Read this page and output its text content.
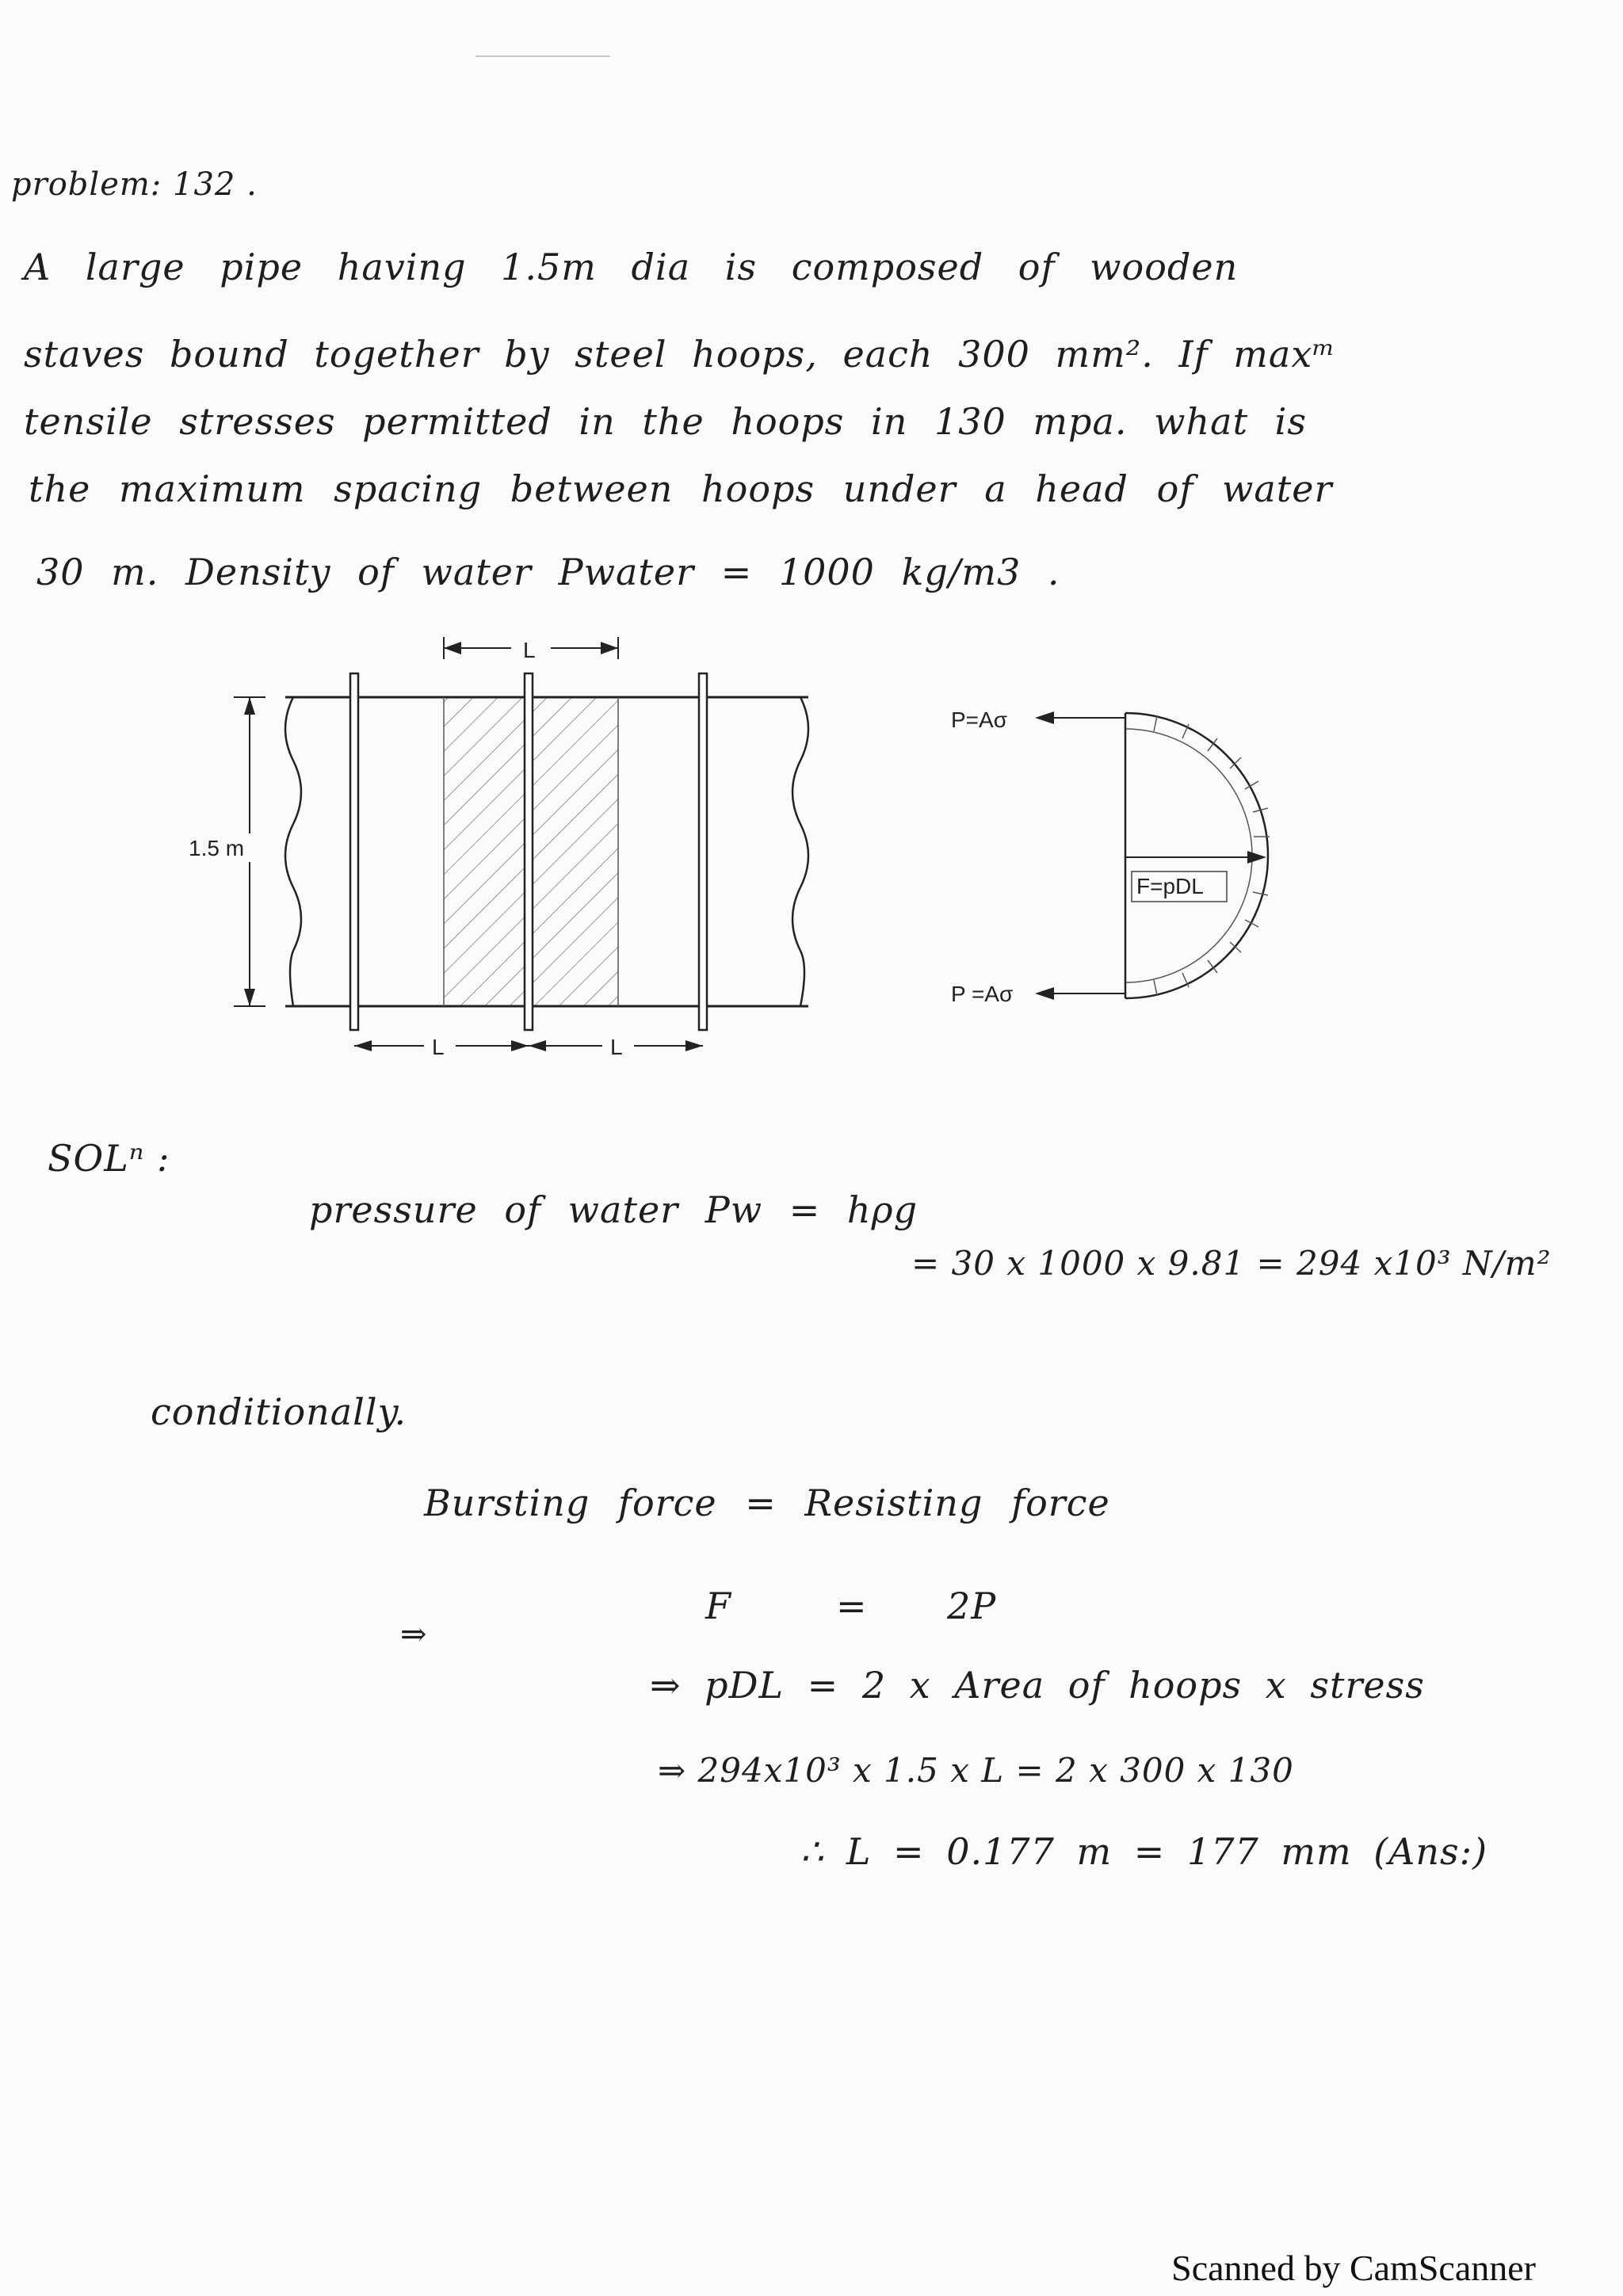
problem: 132 .
A large pipe having 1.5m dia is composed of wooden
staves bound together by steel hoops, each 300 mm². If maxᵐ
tensile stresses permitted in the hoops in 130 mpa. what is
the maximum spacing between hoops under a head of water
30 m. Density of water Pwater = 1000 kg/m3 .
L
L	L
1.5 m
P=Aσ
P =Aσ
F=pDL
SOLⁿ :
pressure of water Pw = hρg
= 30 x 1000 x 9.81 = 294 x10³ N/m²
conditionally.
Bursting force = Resisting force
F	= 2P
⇒
⇒ pDL = 2 x Area of hoops x stress
⇒ 294x10³ x 1.5 x L = 2 x 300 x 130
∴ L = 0.177 m = 177 mm (Ans:)
Scanned by CamScanner
